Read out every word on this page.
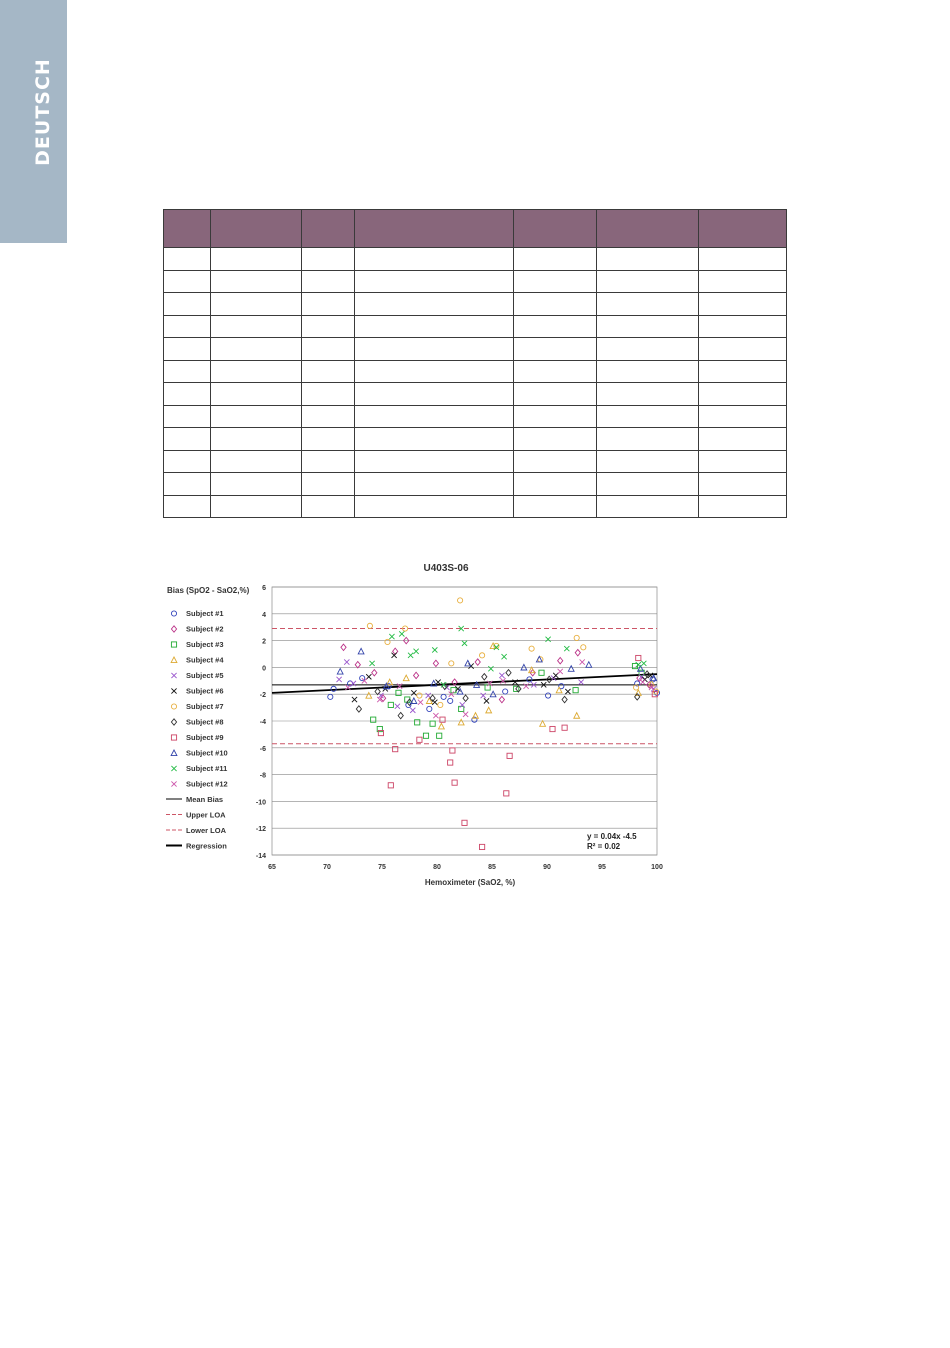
DEUTSCH

6
4
2
0
-2
-4
-6
-8
-10
-12
-14
65	70	75	80	85	90	95	100
Subject #1
Subject #2
Subject #3
Subject #4
Subject #5
Subject #6
Subject #7
Subject #8
Subject #9
Subject #10
Subject #11
Subject #12
Mean Bias
Upper LOA
Lower LOA
Regression
U403S-06
Bias (SpO2 - SaO2,%)
Hemoximeter (SaO2, %)
y = 0.04x -4.5
R² = 0.02
